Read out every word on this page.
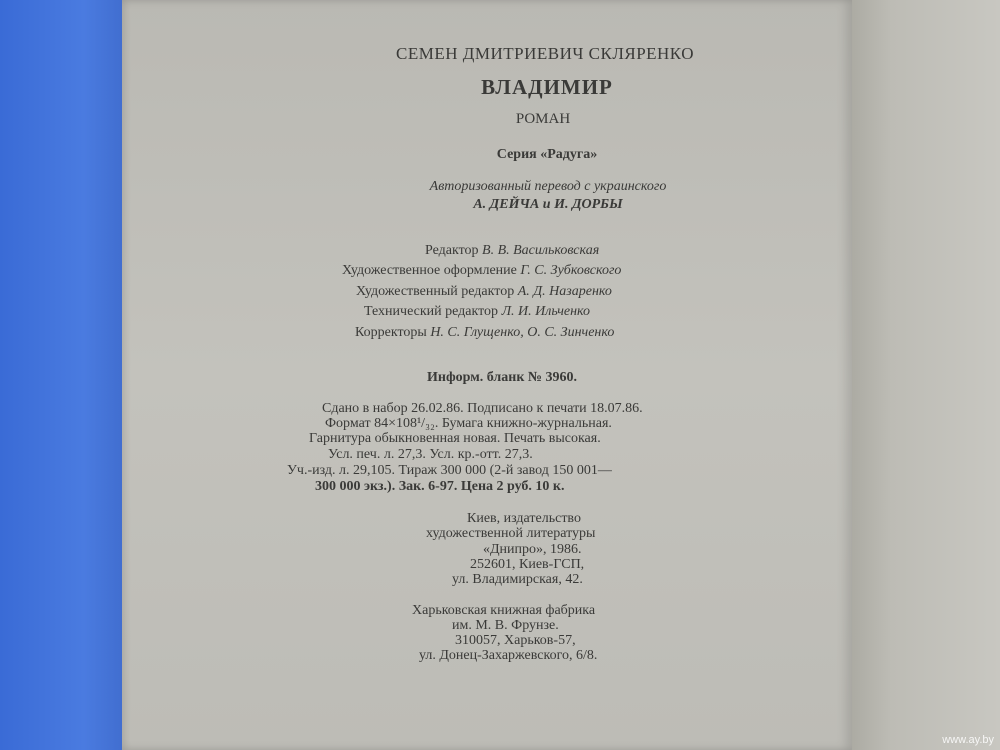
СЕМЕН ДМИТРИЕВИЧ СКЛЯРЕНКО
ВЛАДИМИР
РОМАН
Серия «Радуга»
Авторизованный перевод с украинского
А. ДЕЙЧА и И. ДОРБЫ
Редактор В. В. Васильковская
Художественное оформление Г. С. Зубковского
Художественный редактор А. Д. Назаренко
Технический редактор Л. И. Ильченко
Корректоры Н. С. Глущенко, О. С. Зинченко
Информ. бланк № 3960.
Сдано в набор 26.02.86. Подписано к печати 18.07.86.
Формат 84×108¹/₃₂. Бумага книжно-журнальная.
Гарнитура обыкновенная новая. Печать высокая.
Усл. печ. л. 27,3. Усл. кр.-отт. 27,3.
Уч.-изд. л. 29,105. Тираж 300 000 (2-й завод 150 001—
300 000 экз.). Зак. 6-97. Цена 2 руб. 10 к.
Киев, издательство
художественной литературы
«Днипро», 1986.
252601, Киев-ГСП,
ул. Владимирская, 42.
Харьковская книжная фабрика
им. М. В. Фрунзе.
310057, Харьков-57,
ул. Донец-Захаржевского, 6/8.
www.ay.by
